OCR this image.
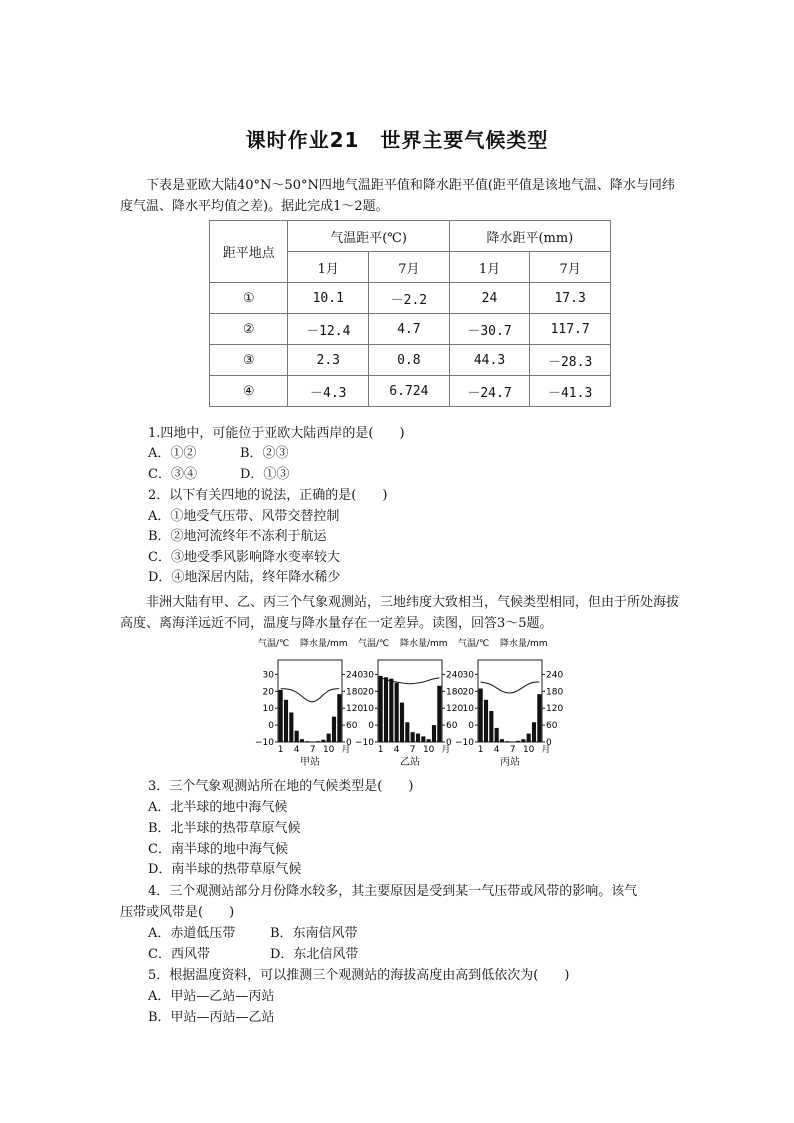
课时作业21　世界主要气候类型
下表是亚欧大陆40°N～50°N四地气温距平值和降水距平值(距平值是该地气温、降水与同纬度气温、降水平均值之差)。据此完成1～2题。
距平地点	气温距平(℃)		降水距平(mm)	
	1月	7月	1月	7月
①	10.1	－2.2	24	17.3
②	－12.4	4.7	－30.7	117.7
③	2.3	0.8	44.3	－28.3
④	－4.3	6.724	－24.7	－41.3
1.四地中，可能位于亚欧大陆西岸的是(　　)
A．①②	B．②③
C．③④	D．①③
2．以下有关四地的说法，正确的是(　　)
A．①地受气压带、风带交替控制
B．②地河流终年不冻利于航运
C．③地受季风影响降水变率较大
D．④地深居内陆，终年降水稀少
非洲大陆有甲、乙、丙三个气象观测站，三地纬度大致相当，气候类型相同，但由于所处海拔高度、离海洋远近不同，温度与降水量存在一定差异。读图，回答3～5题。
气温/℃ 降水量/mm
30
20
10
0
−10
240
180
120
60
0
1 4 7 10 月
甲站
气温/℃ 降水量/mm
30
20
10
0
−10
240
180
120
60
0
1 4 7 10 月
乙站
气温/℃ 降水量/mm
30
20
10
0
−10
240
180
120
60
0
1 4 7 10 月
丙站
3．三个气象观测站所在地的气候类型是(　　)
A．北半球的地中海气候
B．北半球的热带草原气候
C．南半球的地中海气候
D．南半球的热带草原气候
4．三个观测站部分月份降水较多，其主要原因是受到某一气压带或风带的影响。该气
压带或风带是(　　)
A．赤道低压带	B．东南信风带
C．西风带	D．东北信风带
5．根据温度资料，可以推测三个观测站的海拔高度由高到低依次为(　　)
A．甲站—乙站—丙站
B．甲站—丙站—乙站
